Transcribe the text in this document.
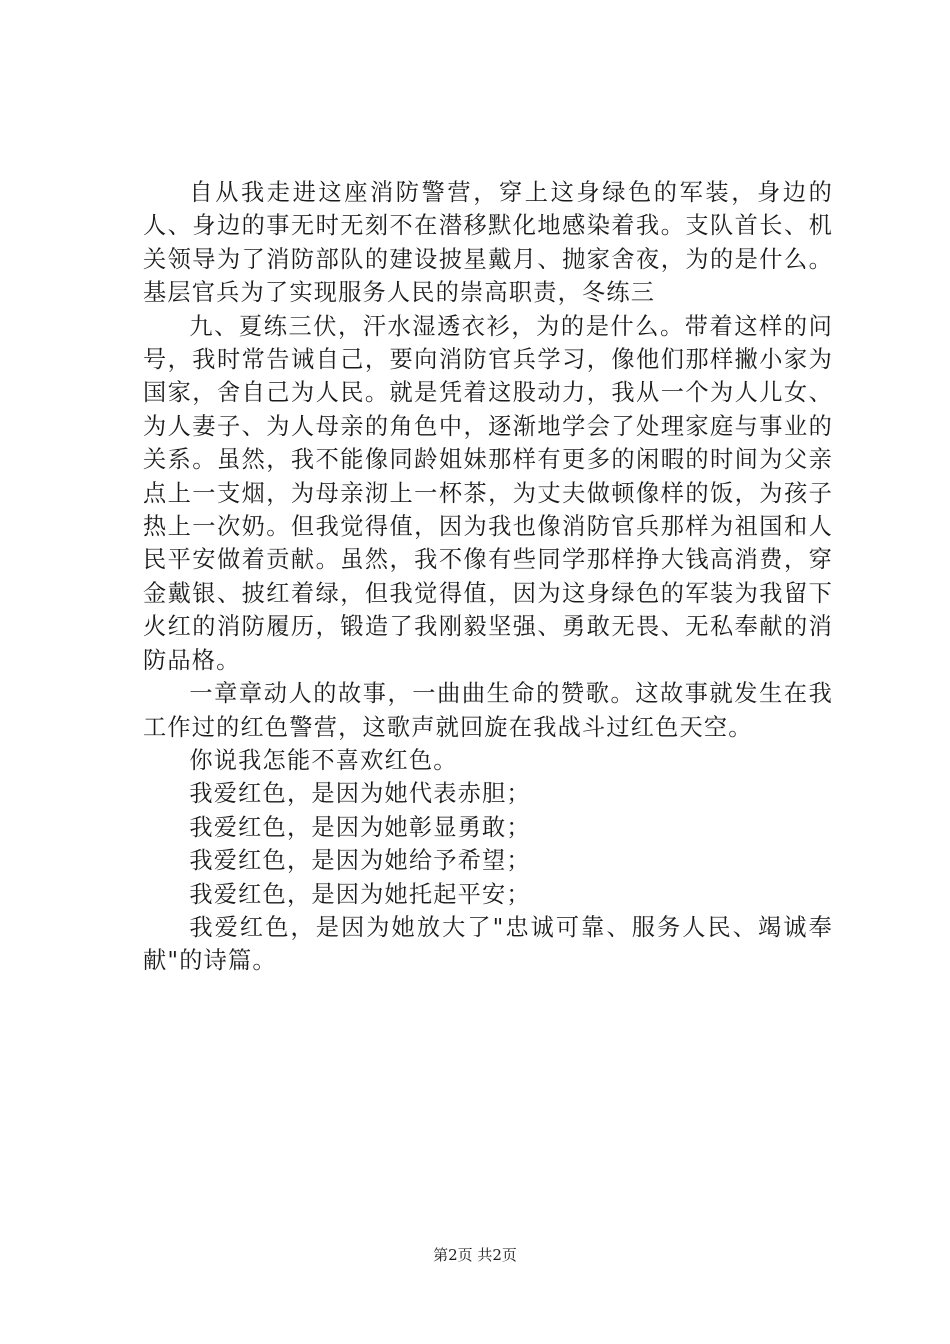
自从我走进这座消防警营，穿上这身绿色的军装，身边的人、身边的事无时无刻不在潜移默化地感染着我。支队首长、机关领导为了消防部队的建设披星戴月、抛家舍夜，为的是什么。基层官兵为了实现服务人民的崇高职责，冬练三

九、夏练三伏，汗水湿透衣衫，为的是什么。带着这样的问号，我时常告诫自己，要向消防官兵学习，像他们那样撇小家为国家，舍自己为人民。就是凭着这股动力，我从一个为人儿女、为人妻子、为人母亲的角色中，逐渐地学会了处理家庭与事业的关系。虽然，我不能像同龄姐妹那样有更多的闲暇的时间为父亲点上一支烟，为母亲沏上一杯茶，为丈夫做顿像样的饭，为孩子热上一次奶。但我觉得值，因为我也像消防官兵那样为祖国和人民平安做着贡献。虽然，我不像有些同学那样挣大钱高消费，穿金戴银、披红着绿，但我觉得值，因为这身绿色的军装为我留下火红的消防履历，锻造了我刚毅坚强、勇敢无畏、无私奉献的消防品格。

一章章动人的故事，一曲曲生命的赞歌。这故事就发生在我工作过的红色警营，这歌声就回旋在我战斗过红色天空。

你说我怎能不喜欢红色。

我爱红色，是因为她代表赤胆；

我爱红色，是因为她彰显勇敢；

我爱红色，是因为她给予希望；

我爱红色，是因为她托起平安；

我爱红色，是因为她放大了"忠诚可靠、服务人民、竭诚奉献"的诗篇。

第2页 共2页
